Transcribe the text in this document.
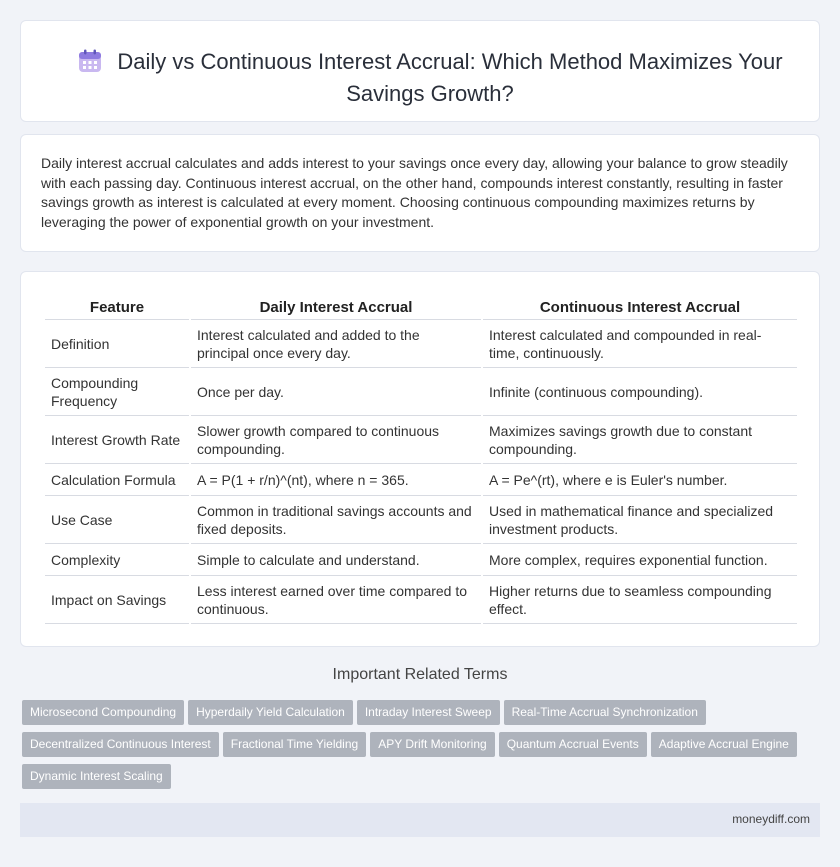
Daily vs Continuous Interest Accrual: Which Method Maximizes Your Savings Growth?

Daily interest accrual calculates and adds interest to your savings once every day, allowing your balance to grow steadily with each passing day. Continuous interest accrual, on the other hand, compounds interest constantly, resulting in faster savings growth as interest is calculated at every moment. Choosing continuous compounding maximizes returns by leveraging the power of exponential growth on your investment.

Feature	Daily Interest Accrual	Continuous Interest Accrual
Definition	Interest calculated and added to the principal once every day.	Interest calculated and compounded in real-time, continuously.
Compounding Frequency	Once per day.	Infinite (continuous compounding).
Interest Growth Rate	Slower growth compared to continuous compounding.	Maximizes savings growth due to constant compounding.
Calculation Formula	A = P(1 + r/n)^(nt), where n = 365.	A = Pe^(rt), where e is Euler's number.
Use Case	Common in traditional savings accounts and fixed deposits.	Used in mathematical finance and specialized investment products.
Complexity	Simple to calculate and understand.	More complex, requires exponential function.
Impact on Savings	Less interest earned over time compared to continuous.	Higher returns due to seamless compounding effect.
Important Related Terms
Microsecond Compounding Hyperdaily Yield Calculation Intraday Interest Sweep Real-Time Accrual Synchronization
Decentralized Continuous Interest Fractional Time Yielding APY Drift Monitoring Quantum Accrual Events Adaptive Accrual Engine
Dynamic Interest Scaling
moneydiff.com
